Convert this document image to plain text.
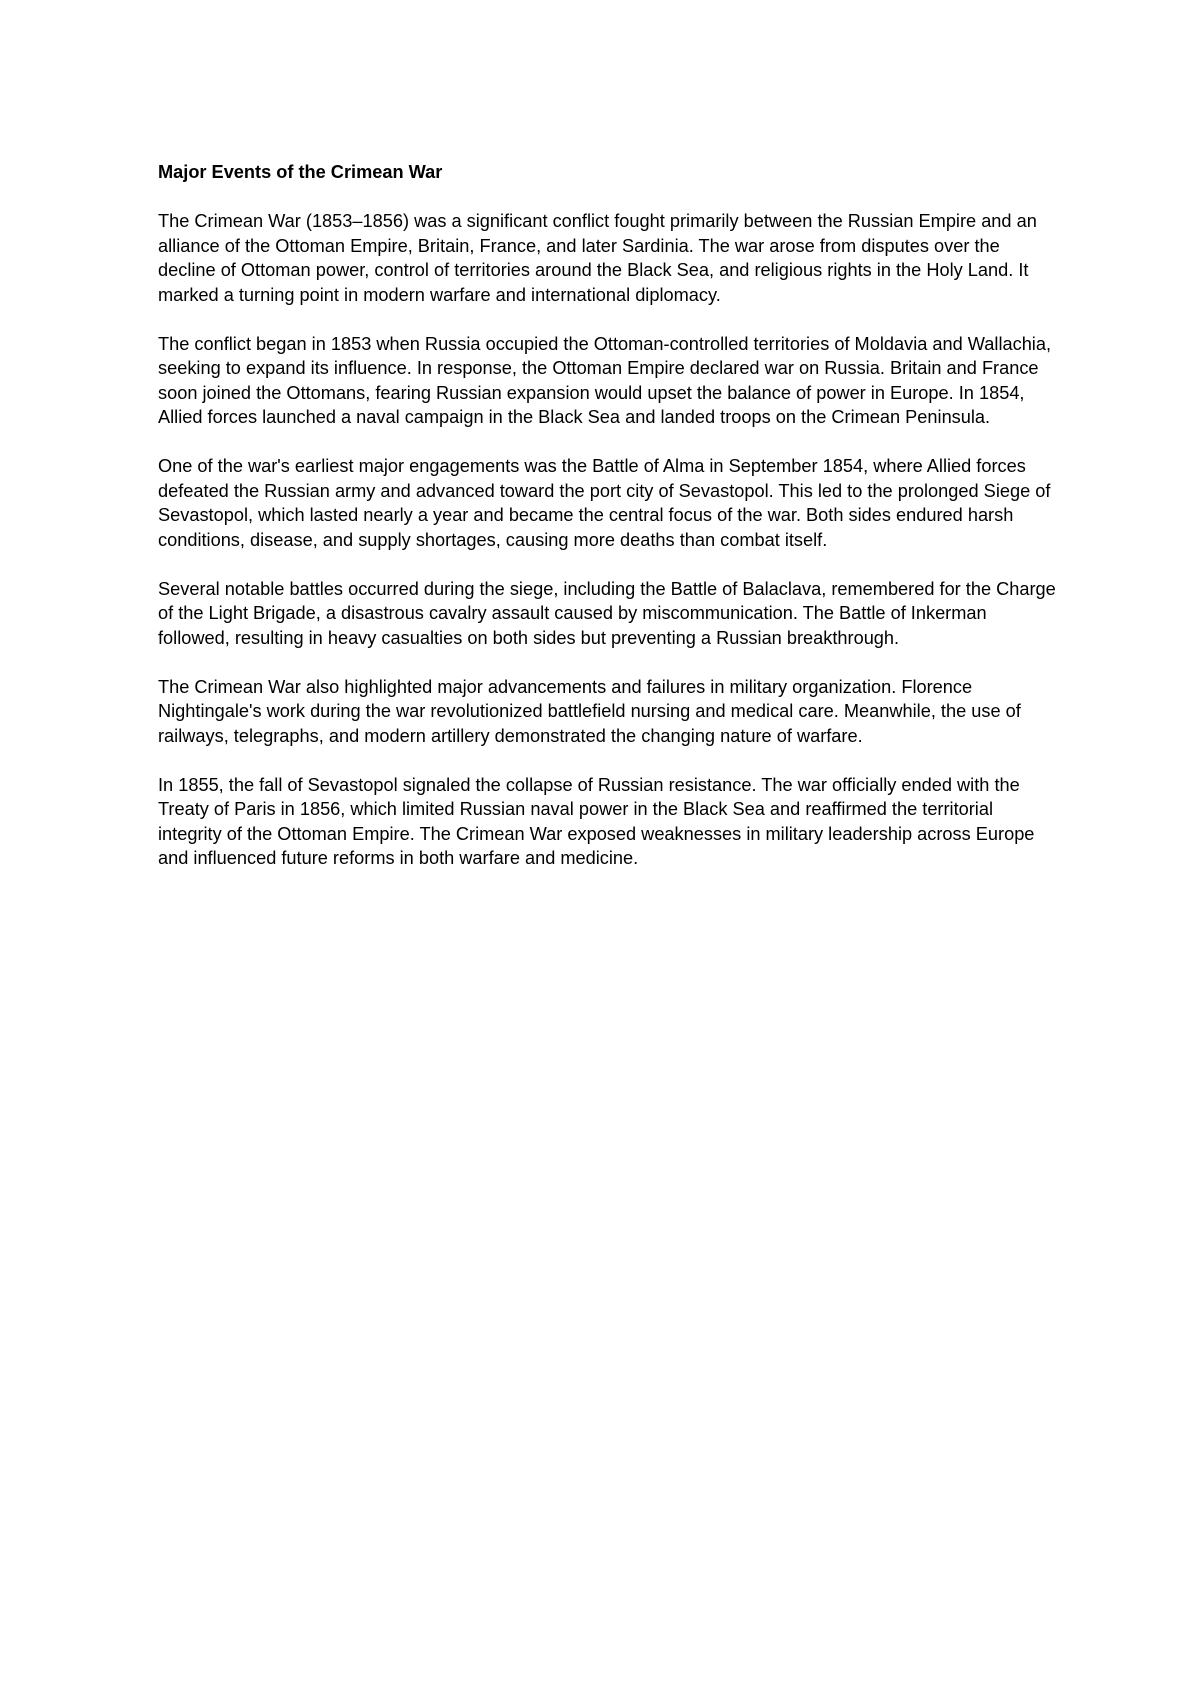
Major Events of the Crimean War

The Crimean War (1853–1856) was a significant conflict fought primarily between the Russian Empire and an alliance of the Ottoman Empire, Britain, France, and later Sardinia. The war arose from disputes over the decline of Ottoman power, control of territories around the Black Sea, and religious rights in the Holy Land. It marked a turning point in modern warfare and international diplomacy.

The conflict began in 1853 when Russia occupied the Ottoman-controlled territories of Moldavia and Wallachia, seeking to expand its influence. In response, the Ottoman Empire declared war on Russia. Britain and France soon joined the Ottomans, fearing Russian expansion would upset the balance of power in Europe. In 1854, Allied forces launched a naval campaign in the Black Sea and landed troops on the Crimean Peninsula.

One of the war's earliest major engagements was the Battle of Alma in September 1854, where Allied forces defeated the Russian army and advanced toward the port city of Sevastopol. This led to the prolonged Siege of Sevastopol, which lasted nearly a year and became the central focus of the war. Both sides endured harsh conditions, disease, and supply shortages, causing more deaths than combat itself.

Several notable battles occurred during the siege, including the Battle of Balaclava, remembered for the Charge of the Light Brigade, a disastrous cavalry assault caused by miscommunication. The Battle of Inkerman followed, resulting in heavy casualties on both sides but preventing a Russian breakthrough.

The Crimean War also highlighted major advancements and failures in military organization. Florence Nightingale's work during the war revolutionized battlefield nursing and medical care. Meanwhile, the use of railways, telegraphs, and modern artillery demonstrated the changing nature of warfare.

In 1855, the fall of Sevastopol signaled the collapse of Russian resistance. The war officially ended with the Treaty of Paris in 1856, which limited Russian naval power in the Black Sea and reaffirmed the territorial integrity of the Ottoman Empire. The Crimean War exposed weaknesses in military leadership across Europe and influenced future reforms in both warfare and medicine.
